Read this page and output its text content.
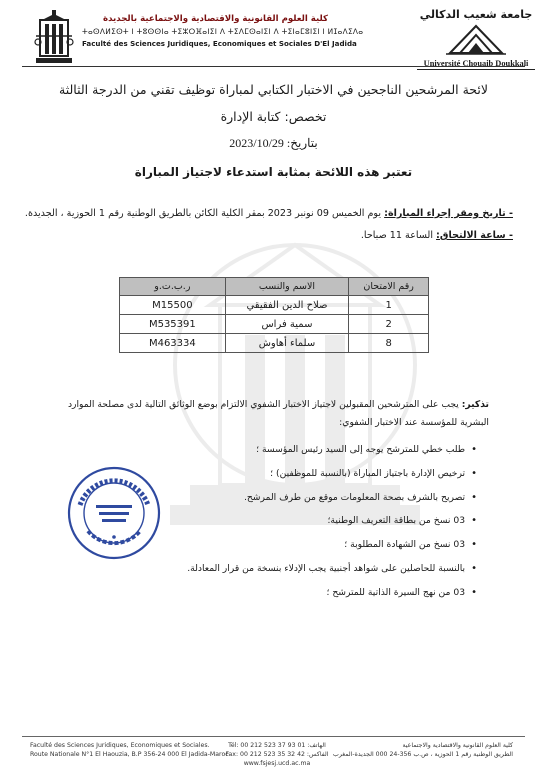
جامعة شعيب الدكالي
Université Chouaib Doukkali
كلية العلوم القانونية والاقتصادية والاجتماعية بالجديدة
ⵜⴰⵙⴷⵍⵉⵙⵜ ⵏ ⵜⵓⵙⵙⵏⴰ ⵜⵉⵣⵔⴼⴰⵏⵉⵏ ⴷ ⵜⵉⴷⵎⵙⴰⵏⵉⵏ ⴷ ⵜⵉⵏⴰⵎⵓⵏⵉⵏ ⵏ ⵍⵊⴰⴷⵉⴷⴰ
Faculté des Sciences Juridiques, Economiques et Sociales D'El Jadida
لائحة المرشحين الناجحين في الاختبار الكتابي لمباراة توظيف تقني من الدرجة الثالثة
تخصص: كتابة الإدارة
بتاريخ: 2023/10/29
تعتبر هذه اللائحة بمثابة استدعاء لاجتياز المباراة
- تاريخ ومقر إجراء المباراة: يوم الخميس 09 نونبر 2023 بمقر الكلية الكائن بالطريق الوطنية رقم 1 الحوزية ، الجديدة.
- ساعة الالتحاق: الساعة 11 صباحا.
رقم الامتحان	الاسم والنسب	ر.ب.ت.و
1	صلاح الدين الفقيقي	M15500
2	سمية فراس	M535391
8	سلماء أهاوش	M463334
تذكير: يجب على المترشحين المقبولين لاجتياز الاختبار الشفوي الالتزام بوضع الوثائق التالية لدى مصلحة الموارد البشرية للمؤسسة عند الاختبار الشفوي:
•
طلب خطي للمترشح يوجه إلى السيد رئيس المؤسسة ؛
•
ترخيص الإدارة باجتياز المباراة (بالنسبة للموظفين) ؛
•
تصريح بالشرف بصحة المعلومات موقع من طرف المرشح.
•
03 نسخ من بطاقة التعريف الوطنية؛
•
03 نسخ من الشهادة المطلوبة ؛
•
بالنسبة للحاصلين على شواهد أجنبية يجب الإدلاء بنسخة من قرار المعادلة.
•
03 من نهج السيرة الذاتية للمترشح ؛
Faculté des Sciences Juridiques, Economiques et Sociales.
Route Nationale N°1 El Haouzia, B.P 356-24 000 El Jadida-Maroc
Tél: 00 212 523 37 93 01 :الهاتف
Fax: 00 212 523 35 32 42 :الفاكس
www.fsjesj.ucd.ac.ma
كلية العلوم القانونية والاقتصادية والاجتماعية
الطريق الوطنية رقم 1 الحوزية ، ص.ب 356-24 000 الجديدة-المغرب
